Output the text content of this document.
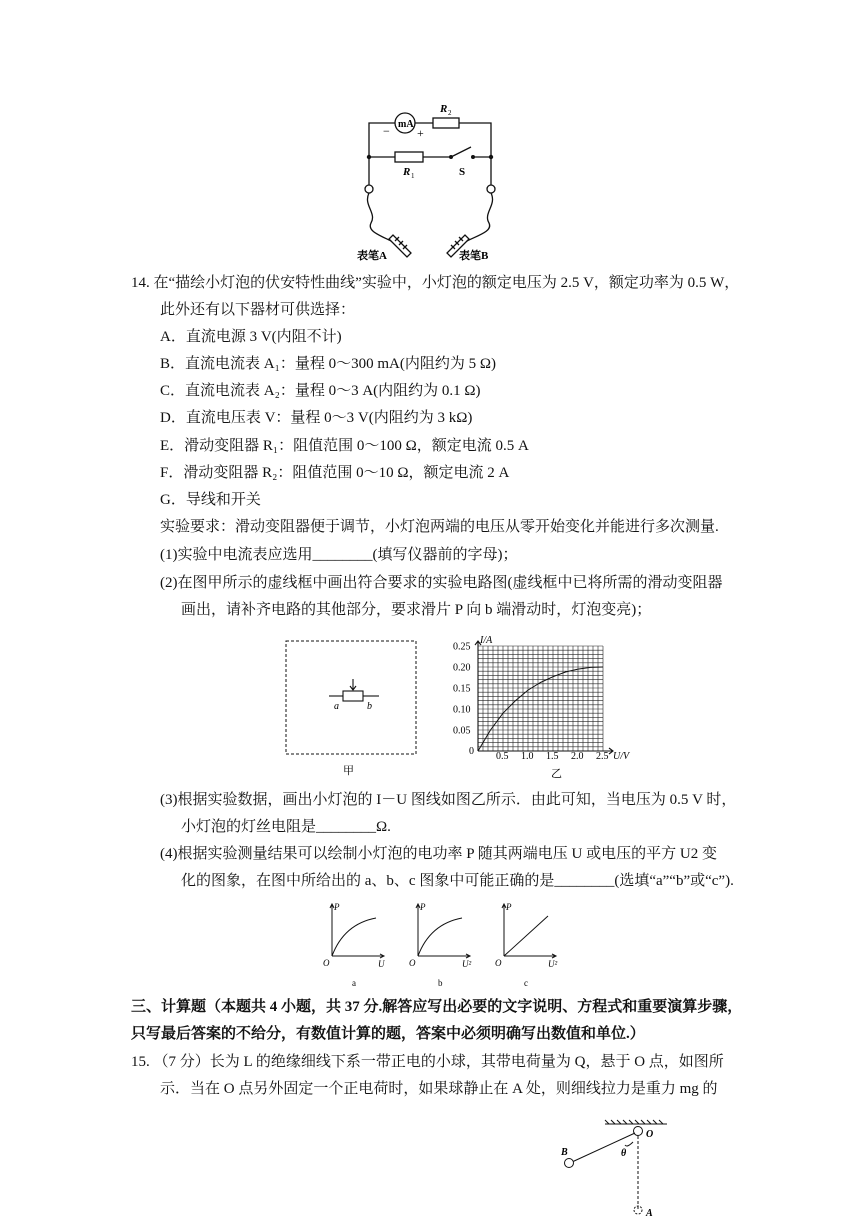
mA
− +
R 2
R 1	S
表笔A	表笔B
14. 在“描绘小灯泡的伏安特性曲线”实验中，小灯泡的额定电压为 2.5 V，额定功率为 0.5 W，
此外还有以下器材可供选择：
A．直流电源 3 V(内阻不计)
B．直流电流表 A₁：量程 0～300 mA(内阻约为 5 Ω)
C．直流电流表 A₂：量程 0～3 A(内阻约为 0.1 Ω)
D．直流电压表 V：量程 0～3 V(内阻约为 3 kΩ)
E．滑动变阻器 R₁：阻值范围 0～100 Ω，额定电流 0.5 A
F．滑动变阻器 R₂：阻值范围 0～10 Ω，额定电流 2 A
G．导线和开关
实验要求：滑动变阻器便于调节，小灯泡两端的电压从零开始变化并能进行多次测量.
(1)实验中电流表应选用________(填写仪器前的字母)；
(2)在图甲所示的虚线框中画出符合要求的实验电路图(虚线框中已将所需的滑动变阻器
画出，请补齐电路的其他部分，要求滑片 P 向 b 端滑动时，灯泡变亮)；
a	b
甲
0.25
0.20
0.15
0.10
0.05
0.5 1.0 1.5 2.0 2.5
I/A
U/V
0
乙
(3)根据实验数据，画出小灯泡的 I－U 图线如图乙所示．由此可知，当电压为 0.5 V 时，
小灯泡的灯丝电阻是________Ω.
(4)根据实验测量结果可以绘制小灯泡的电功率 P 随其两端电压 U 或电压的平方 U2 变
化的图象，在图中所给出的 a、b、c 图象中可能正确的是________(选填“a”“b”或“c”).
P
O	U
a
P
O	U²
b
P
O	U²
c
三、计算题（本题共 4 小题，共 37 分.解答应写出必要的文字说明、方程式和重要演算步骤，
只写最后答案的不给分，有数值计算的题，答案中必须明确写出数值和单位.）
15. （7 分）长为 L 的绝缘细线下系一带正电的小球，其带电荷量为 Q，悬于 O 点，如图所
示．当在 O 点另外固定一个正电荷时，如果球静止在 A 处，则细线拉力是重力 mg 的
O
B	θ
A
